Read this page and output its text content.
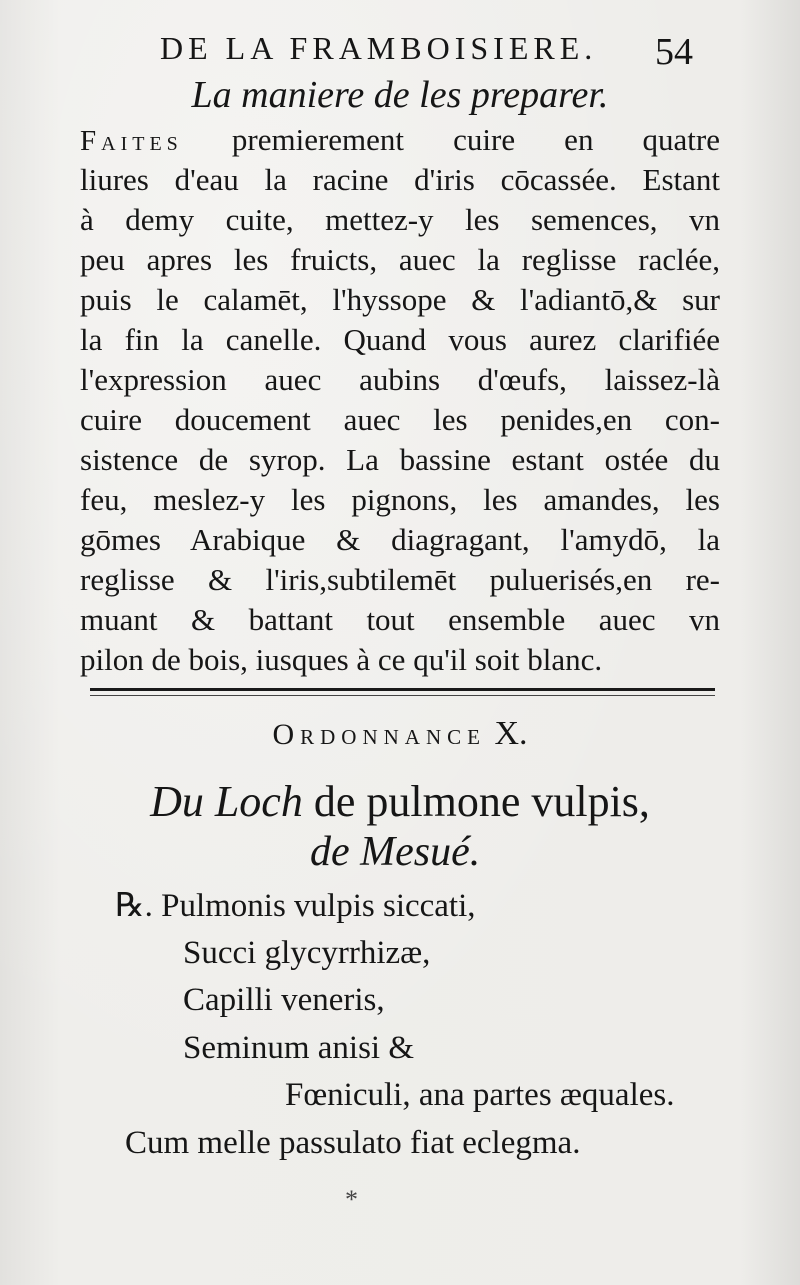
DE LA FRAMBOISIERE. 54
La maniere de les preparer.
Faites premierement cuire en quatre
liures d'eau la racine d'iris cōcassée. Estant
à demy cuite, mettez-y les semences, vn
peu apres les fruicts, auec la reglisse raclée,
puis le calamēt, l'hyssope & l'adiantō,& sur
la fin la canelle. Quand vous aurez clarifiée
l'expression auec aubins d'œufs, laissez-là
cuire doucement auec les penides,en con-
sistence de syrop. La bassine estant ostée du
feu, meslez-y les pignons, les amandes, les
gōmes Arabique & diagragant, l'amydō, la
reglisse & l'iris,subtilemēt puluerisés,en re-
muant & battant tout ensemble auec vn
pilon de bois, iusques à ce qu'il soit blanc.
Ordonnance X.
Du Loch de pulmone vulpis,
de Mesué.
℞. Pulmonis vulpis siccati,
Succi glycyrrhizæ,
Capilli veneris,
Seminum anisi &
Fœniculi, ana partes æquales.
Cum melle passulato fiat eclegma.
*
